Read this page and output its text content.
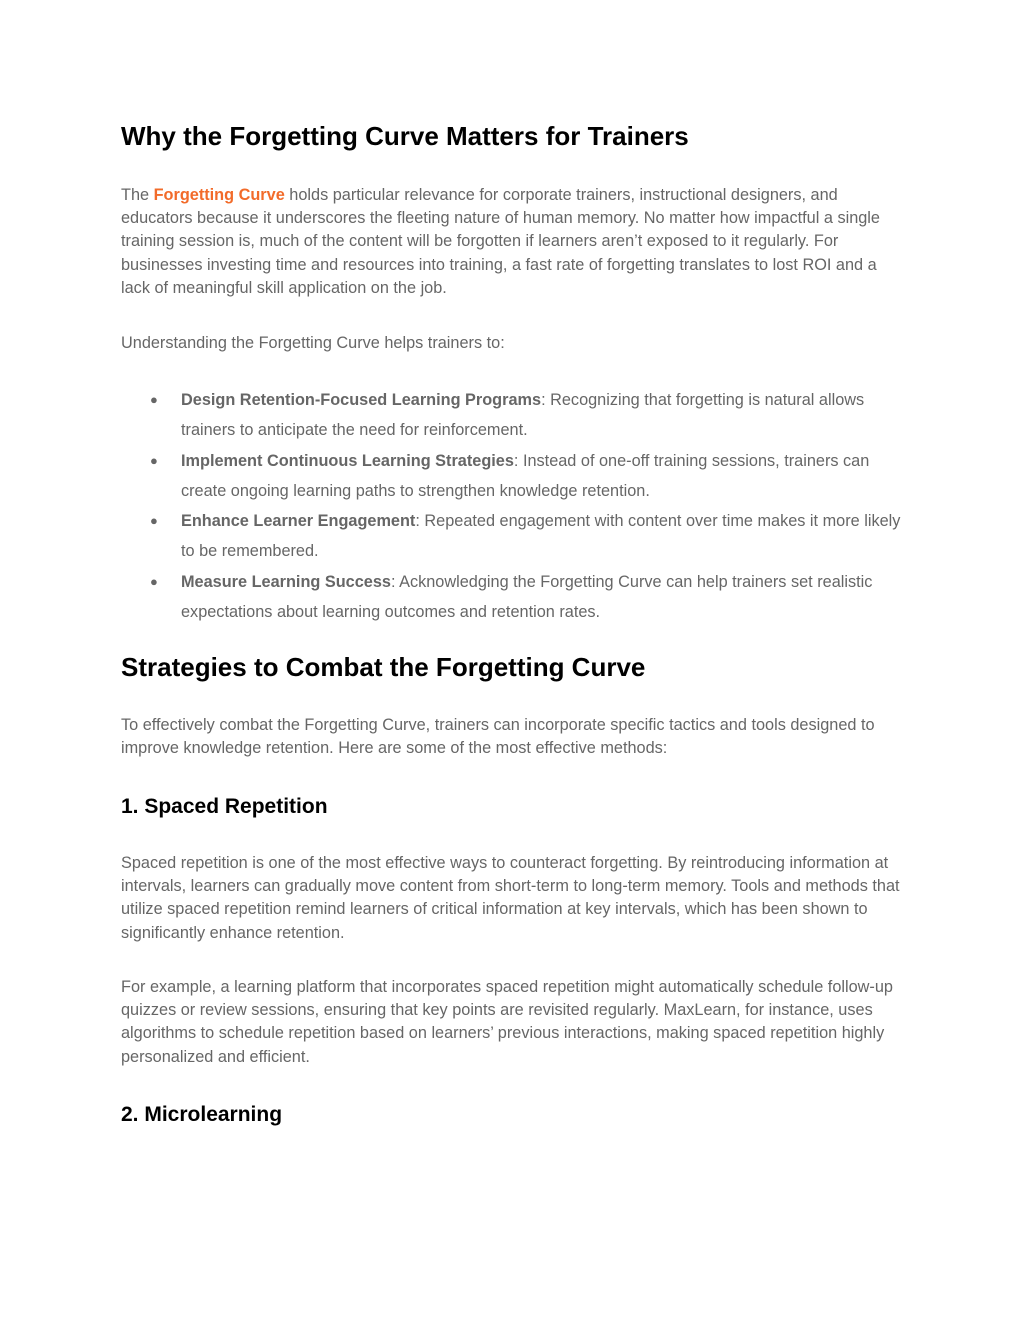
Why the Forgetting Curve Matters for Trainers

The Forgetting Curve holds particular relevance for corporate trainers, instructional designers, and educators because it underscores the fleeting nature of human memory. No matter how impactful a single training session is, much of the content will be forgotten if learners aren’t exposed to it regularly. For businesses investing time and resources into training, a fast rate of forgetting translates to lost ROI and a lack of meaningful skill application on the job.

Understanding the Forgetting Curve helps trainers to:

● Design Retention-Focused Learning Programs: Recognizing that forgetting is natural allows trainers to anticipate the need for reinforcement.
● Implement Continuous Learning Strategies: Instead of one-off training sessions, trainers can create ongoing learning paths to strengthen knowledge retention.
● Enhance Learner Engagement: Repeated engagement with content over time makes it more likely to be remembered.
● Measure Learning Success: Acknowledging the Forgetting Curve can help trainers set realistic expectations about learning outcomes and retention rates.
Strategies to Combat the Forgetting Curve

To effectively combat the Forgetting Curve, trainers can incorporate specific tactics and tools designed to improve knowledge retention. Here are some of the most effective methods:

1. Spaced Repetition

Spaced repetition is one of the most effective ways to counteract forgetting. By reintroducing information at intervals, learners can gradually move content from short-term to long-term memory. Tools and methods that utilize spaced repetition remind learners of critical information at key intervals, which has been shown to significantly enhance retention.

For example, a learning platform that incorporates spaced repetition might automatically schedule follow-up quizzes or review sessions, ensuring that key points are revisited regularly. MaxLearn, for instance, uses algorithms to schedule repetition based on learners’ previous interactions, making spaced repetition highly personalized and efficient.

2. Microlearning
